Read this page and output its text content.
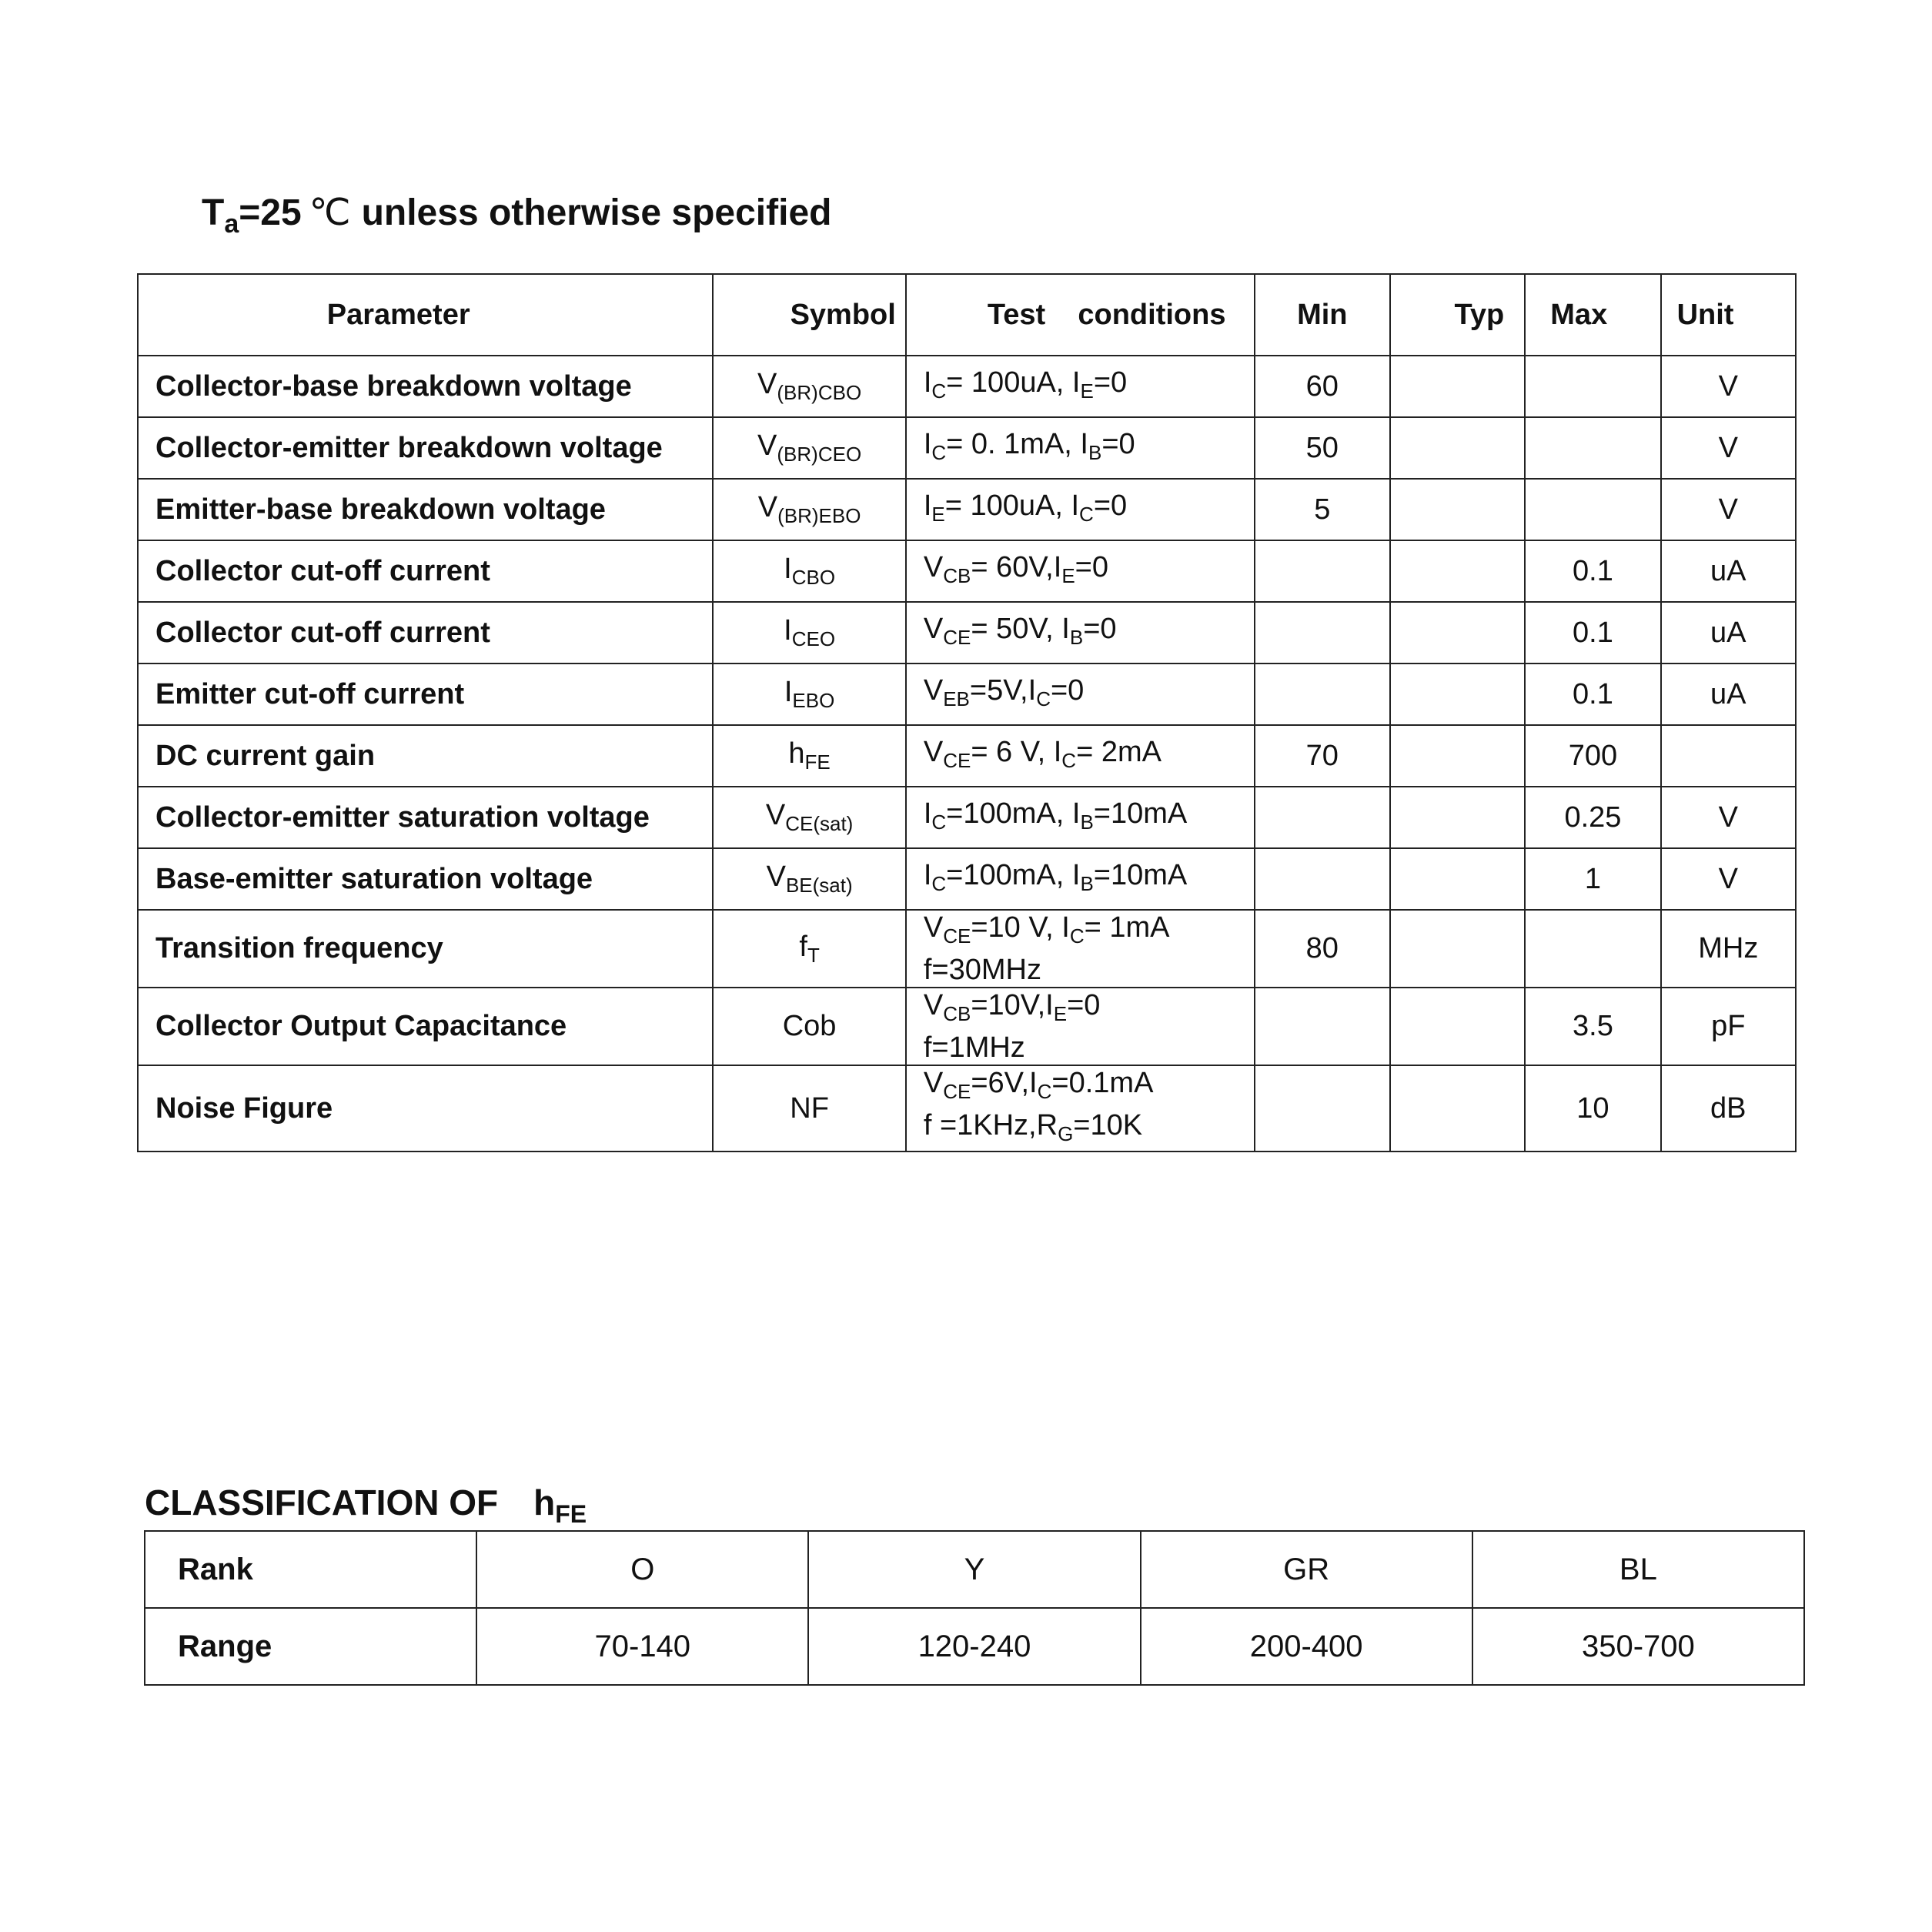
$T_a=25$ ℃ unless otherwise specified
Parameter	Symbol	Test    conditions	Min	Typ	Max	Unit
Collector-base breakdown voltage	$V_{(BR)CBO}$	$I_C= 100uA$, $I_E=0$	60			V
Collector-emitter breakdown voltage	$V_{(BR)CEO}$	$I_C= 0$. 1mA, $I_B=0$	50			V
Emitter-base breakdown voltage	$V_{(BR)EBO}$	$I_E= 100uA$, $I_C=0$	5			V
Collector cut-off current	$I_{CBO}$	$V_{CB}= 60V,I_E=0$			0.1	uA
Collector cut-off current	$I_{CEO}$	$V_{CE}= 50V$, $I_B=0$			0.1	uA
Emitter cut-off current	$I_{EBO}$	$V_{EB}=5V,I_C=0$			0.1	uA
DC current gain	$h_{FE}$	$V_{CE}= 6$ V, $I_C= 2mA$	70		700	
Collector-emitter saturation voltage	$V_{CE(sat)}$	$I_C=100mA$, $I_B=10mA$			0.25	V
Base-emitter saturation voltage	$V_{BE(sat)}$	$I_C=100mA$, $I_B=10mA$			1	V
Transition frequency	$f_T$	$V_{CE}=10$ V, $I_C= 1mA$
f=30MHz	80			MHz
Collector Output Capacitance	Cob	$V_{CB}=10V,I_E=0$
f=1MHz			3.5	pF
Noise Figure	NF	$V_{CE}=6V,I_C=0.1mA$
$f =1KHz,R_G=10K$			10	dB
CLASSIFICATION OF $h_{FE}$
Rank	O	Y	GR	BL
Range	70-140	120-240	200-400	350-700
